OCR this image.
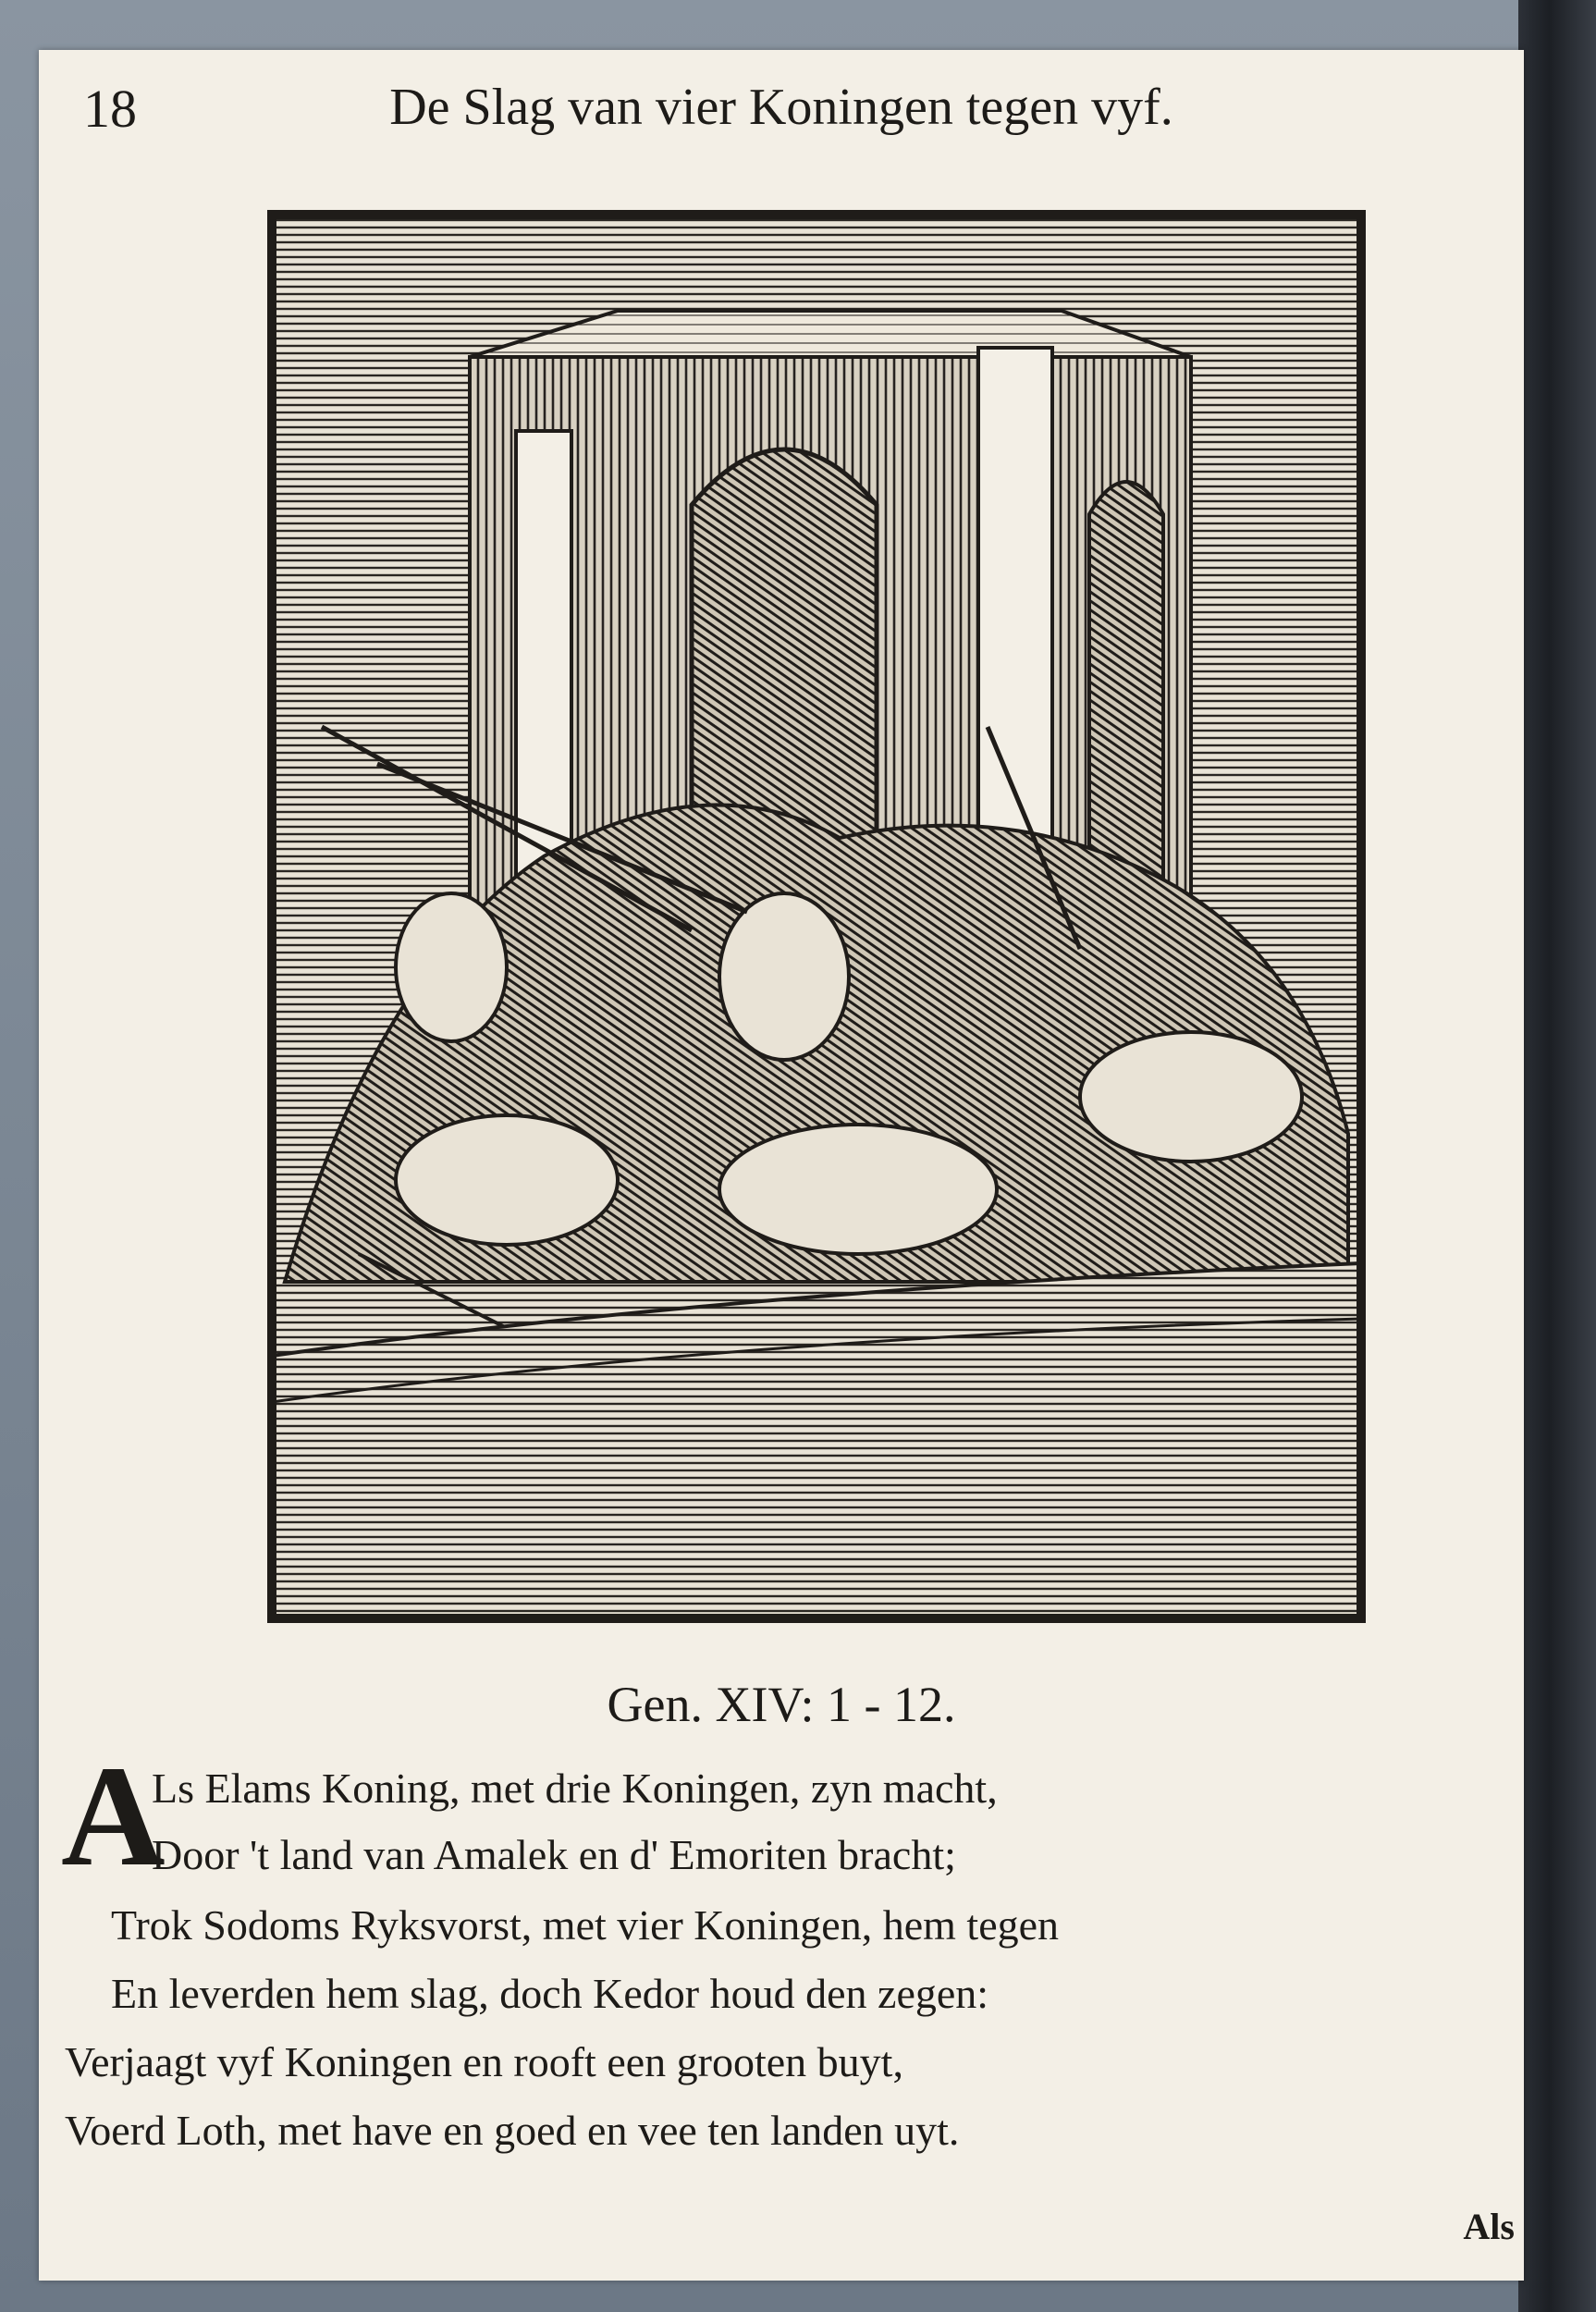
18	De Slag van vier Koningen tegen vyf.
Gen. XIV: 1 - 12.
A
Ls Elams Koning, met drie Koningen, zyn macht,
Door 't land van Amalek en d' Emoriten bracht;
Trok Sodoms Ryksvorst, met vier Koningen, hem tegen
En leverden hem slag, doch Kedor houd den zegen:
Verjaagt vyf Koningen en rooft een grooten buyt,
Voerd Loth, met have en goed en vee ten landen uyt.
Als
